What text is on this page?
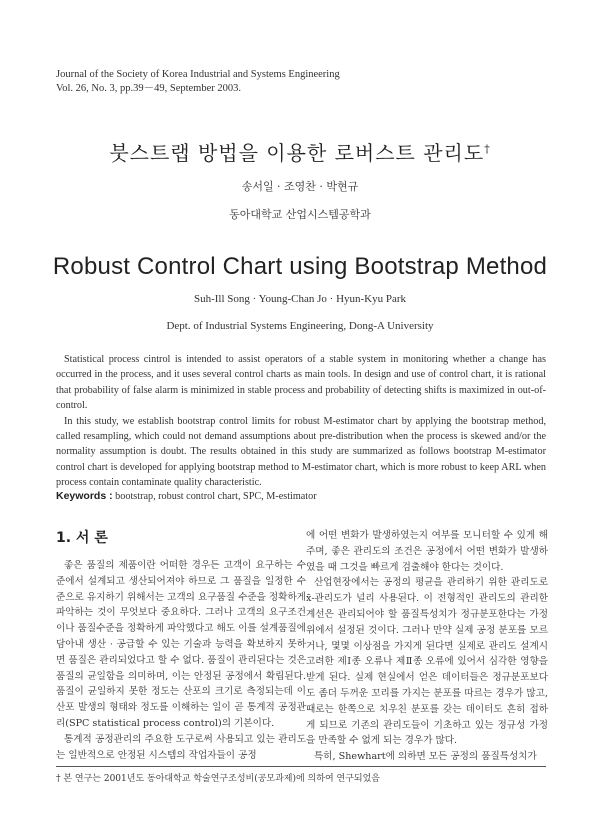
Journal of the Society of Korea Industrial and Systems Engineering
Vol. 26, No. 3, pp.39－49, September 2003.
붓스트랩 방법을 이용한 로버스트 관리도†
송서일 · 조영찬 · 박현규
동아대학교 산업시스템공학과
Robust Control Chart using Bootstrap Method
Suh-Ill Song · Young-Chan Jo · Hyun-Kyu Park
Dept. of Industrial Systems Engineering, Dong-A University

Statistical process cintrol is intended to assist operators of a stable system in monitoring whether a change has occurred in the process, and it uses several control charts as main tools. In design and use of control chart, it is rational that probability of false alarm is minimized in stable process and probability of detecting shifts is maximized in out-of-control.

In this study, we establish bootstrap control limits for robust M-estimator chart by applying the bootstrap method, called resampling, which could not demand assumptions about pre-distribution when the process is skewed and/or the normality assumption is doubt. The results obtained in this study are summarized as follows bootstrap M-estimator control chart is developed for applying bootstrap method to M-estimator chart, which is more robust to keep ARL when process contain contaminate quality characteristic.

Keywords : bootstrap, robust control chart, SPC, M-estimator
1. 서 론

좋은 품질의 제품이란 어떠한 경우든 고객이 요구하는 수준에서 설계되고 생산되어져야 하므로 그 품질을 일정한 수준으로 유지하기 위해서는 고객의 요구품질 수준을 정확하게 파악하는 것이 무엇보다 중요하다. 그러나 고객의 요구조건이나 품질수준을 정확하게 파악했다고 해도 이를 설계품질에 담아내 생산 · 공급할 수 있는 기술과 능력을 확보하지 못하면 품질은 관리되었다고 할 수 없다. 품질이 관리된다는 것은 품질의 균일함을 의미하며, 이는 안정된 공정에서 확립된다. 품질이 균일하지 못한 정도는 산포의 크기로 측정되는데 이 산포 발생의 형태와 정도를 이해하는 일이 곧 통계적 공정관리(SPC statistical process control)의 기본이다.

통계적 공정관리의 주요한 도구로써 사용되고 있는 관리도는 일반적으로 안정된 시스템의 작업자들이 공정

에 어떤 변화가 발생하였는지 여부를 모니터할 수 있게 해주며, 좋은 관리도의 조건은 공정에서 어떤 변화가 발생하였을 때 그것을 빠르게 검출해야 한다는 것이다.

산업현장에서는 공정의 평균을 관리하기 위한 관리도로 x̄-관리도가 널리 사용된다. 이 전형적인 관리도의 관리한계선은 관리되어야 할 품질특성치가 정규분포한다는 가정 위에서 설정된 것이다. 그러나 만약 실제 공정 분포를 모르거나, 몇몇 이상점을 가지게 된다면 실제로 관리도 설계시 고려한 제Ⅰ종 오류나 제Ⅱ종 오류에 있어서 심각한 영향을 받게 된다. 실제 현실에서 얻은 데이터들은 정규분포보다도 좀더 두꺼운 꼬리를 가지는 분포를 따르는 경우가 많고, 때로는 한쪽으로 치우친 분포를 갖는 데이터도 흔히 접하게 되므로 기존의 관리도들이 기초하고 있는 정규성 가정을 만족할 수 없게 되는 경우가 많다.

특히, Shewhart에 의하면 모든 공정의 품질특성치가

† 본 연구는 2001년도 동아대학교 학술연구조성비(공모과제)에 의하여 연구되었음
